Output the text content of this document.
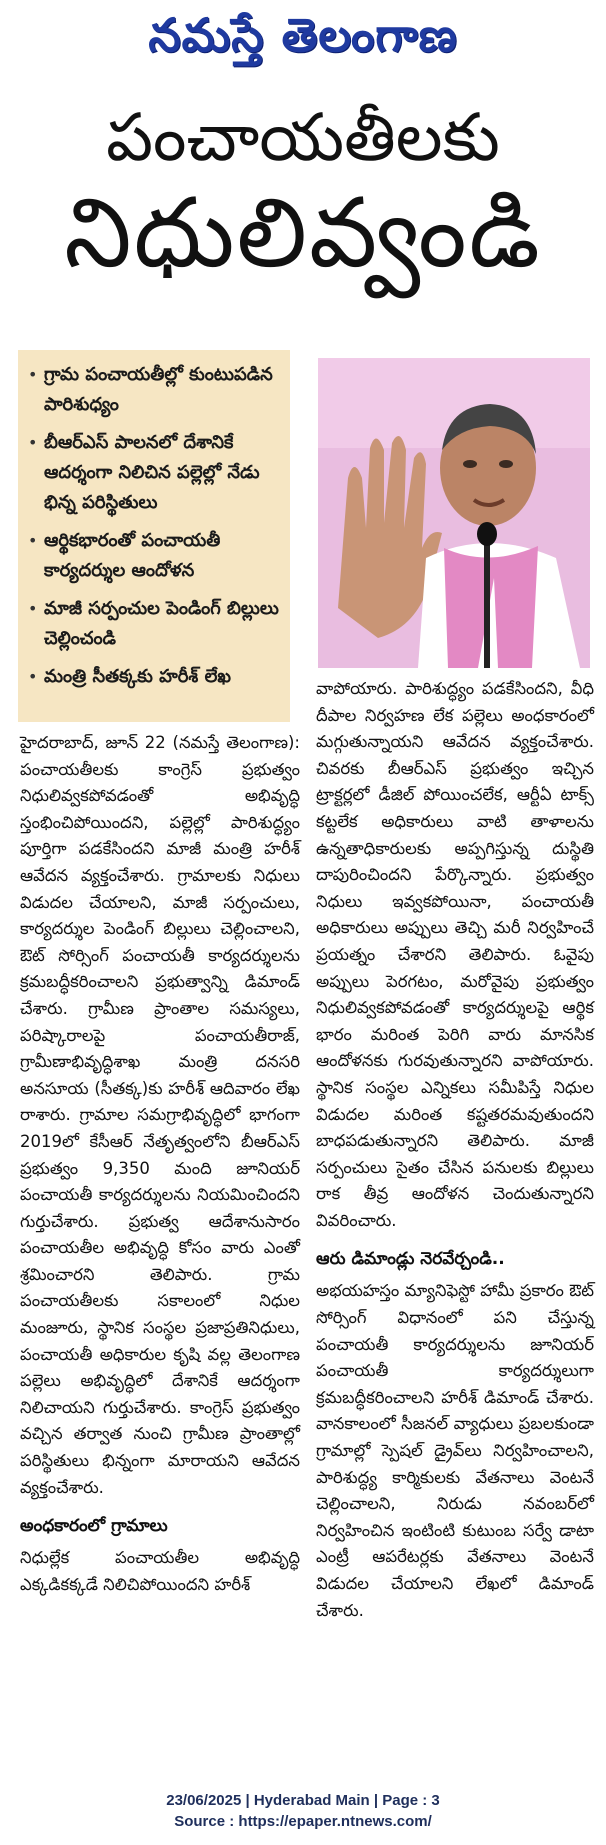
నమస్తే తెలంగాణ
పంచాయతీలకు
నిధులివ్వండి
• గ్రామ పంచాయతీల్లో కుంటుపడిన పారిశుధ్యం
• బీఆర్ఎస్ పాలనలో దేశానికే ఆదర్శంగా నిలిచిన పల్లెల్లో నేడు భిన్న పరిస్థితులు
• ఆర్థికభారంతో పంచాయతీ కార్యదర్శుల ఆందోళన
• మాజీ సర్పంచుల పెండింగ్ బిల్లులు చెల్లించండి
• మంత్రి సీతక్కకు హరీశ్ లేఖ

హైదరాబాద్, జూన్ 22 (నమస్తే తెలంగాణ): పంచాయతీలకు కాంగ్రెస్ ప్రభుత్వం నిధులివ్వకపోవడంతో అభివృద్ధి స్తంభించిపోయిందని, పల్లెల్లో పారిశుద్ధ్యం పూర్తిగా పడకేసిందని మాజీ మంత్రి హరీశ్ ఆవేదన వ్యక్తంచేశారు. గ్రామాలకు నిధులు విడుదల చేయాలని, మాజీ సర్పంచులు, కార్యదర్శుల పెండింగ్ బిల్లులు చెల్లించాలని, ఔట్ సోర్సింగ్ పంచాయతీ కార్యదర్శులను క్రమబద్ధీకరించాలని ప్రభుత్వాన్ని డిమాండ్ చేశారు. గ్రామీణ ప్రాంతాల సమస్యలు, పరిష్కారాలపై పంచాయతీరాజ్, గ్రామీణాభివృద్ధిశాఖ మంత్రి దనసరి అనసూయ (సీతక్క)కు హరీశ్ ఆదివారం లేఖ రాశారు. గ్రామాల సమగ్రాభివృద్ధిలో భాగంగా 2019లో కేసీఆర్ నేతృత్వంలోని బీఆర్ఎస్ ప్రభుత్వం 9,350 మంది జూనియర్ పంచాయతీ కార్యదర్శులను నియమించిందని గుర్తుచేశారు. ప్రభుత్వ ఆదేశానుసారం పంచాయతీల అభివృద్ధి కోసం వారు ఎంతో శ్రమించారని తెలిపారు. గ్రామ పంచాయతీలకు సకాలంలో నిధుల మంజూరు, స్థానిక సంస్థల ప్రజాప్రతినిధులు, పంచాయతీ అధికారుల కృషి వల్ల తెలంగాణ పల్లెలు అభివృద్ధిలో దేశానికే ఆదర్శంగా నిలిచాయని గుర్తుచేశారు. కాంగ్రెస్ ప్రభుత్వం వచ్చిన తర్వాత నుంచి గ్రామీణ ప్రాంతాల్లో పరిస్థితులు భిన్నంగా మారాయని ఆవేదన వ్యక్తంచేశారు.

అంధకారంలో గ్రామాలు

నిధుల్లేక పంచాయతీల అభివృద్ధి ఎక్కడికక్కడే నిలిచిపోయిందని హరీశ్

వాపోయారు. పారిశుద్ధ్యం పడకేసిందని, వీధి దీపాల నిర్వహణ లేక పల్లెలు అంధకారంలో మగ్గుతున్నాయని ఆవేదన వ్యక్తంచేశారు. చివరకు బీఆర్ఎస్ ప్రభుత్వం ఇచ్చిన ట్రాక్టర్లలో డీజిల్ పోయించలేక, ఆర్టీఏ టాక్స్ కట్టలేక అధికారులు వాటి తాళాలను ఉన్నతాధికారులకు అప్పగిస్తున్న దుస్థితి దాపురించిందని పేర్కొన్నారు. ప్రభుత్వం నిధులు ఇవ్వకపోయినా, పంచాయతీ అధికారులు అప్పులు తెచ్చి మరీ నిర్వహించే ప్రయత్నం చేశారని తెలిపారు. ఓవైపు అప్పులు పెరగటం, మరోవైపు ప్రభుత్వం నిధులివ్వకపోవడంతో కార్యదర్శులపై ఆర్థిక భారం మరింత పెరిగి వారు మానసిక ఆందోళనకు గురవుతున్నారని వాపోయారు. స్థానిక సంస్థల ఎన్నికలు సమీపిస్తే నిధుల విడుదల మరింత కష్టతరమవుతుందని బాధపడుతున్నారని తెలిపారు. మాజీ సర్పంచులు సైతం చేసిన పనులకు బిల్లులు రాక తీవ్ర ఆందోళన చెందుతున్నారని వివరించారు.

ఆరు డిమాండ్లు నెరవేర్చండి..

అభయహస్తం మ్యానిఫెస్టో హామీ ప్రకారం ఔట్ సోర్సింగ్ విధానంలో పని చేస్తున్న పంచాయతీ కార్యదర్శులను జూనియర్ పంచాయతీ కార్యదర్శులుగా క్రమబద్ధీకరించాలని హరీశ్ డిమాండ్ చేశారు. వానకాలంలో సీజనల్ వ్యాధులు ప్రబలకుండా గ్రామాల్లో స్పెషల్ డ్రైవ్‌లు నిర్వహించాలని, పారిశుద్ధ్య కార్మికులకు వేతనాలు వెంటనే చెల్లించాలని, నిరుడు నవంబర్‌లో నిర్వహించిన ఇంటింటి కుటుంబ సర్వే డాటా ఎంట్రీ ఆపరేటర్లకు వేతనాలు వెంటనే విడుదల చేయాలని లేఖలో డిమాండ్ చేశారు.

23/06/2025 | Hyderabad Main | Page : 3
Source : https://epaper.ntnews.com/
